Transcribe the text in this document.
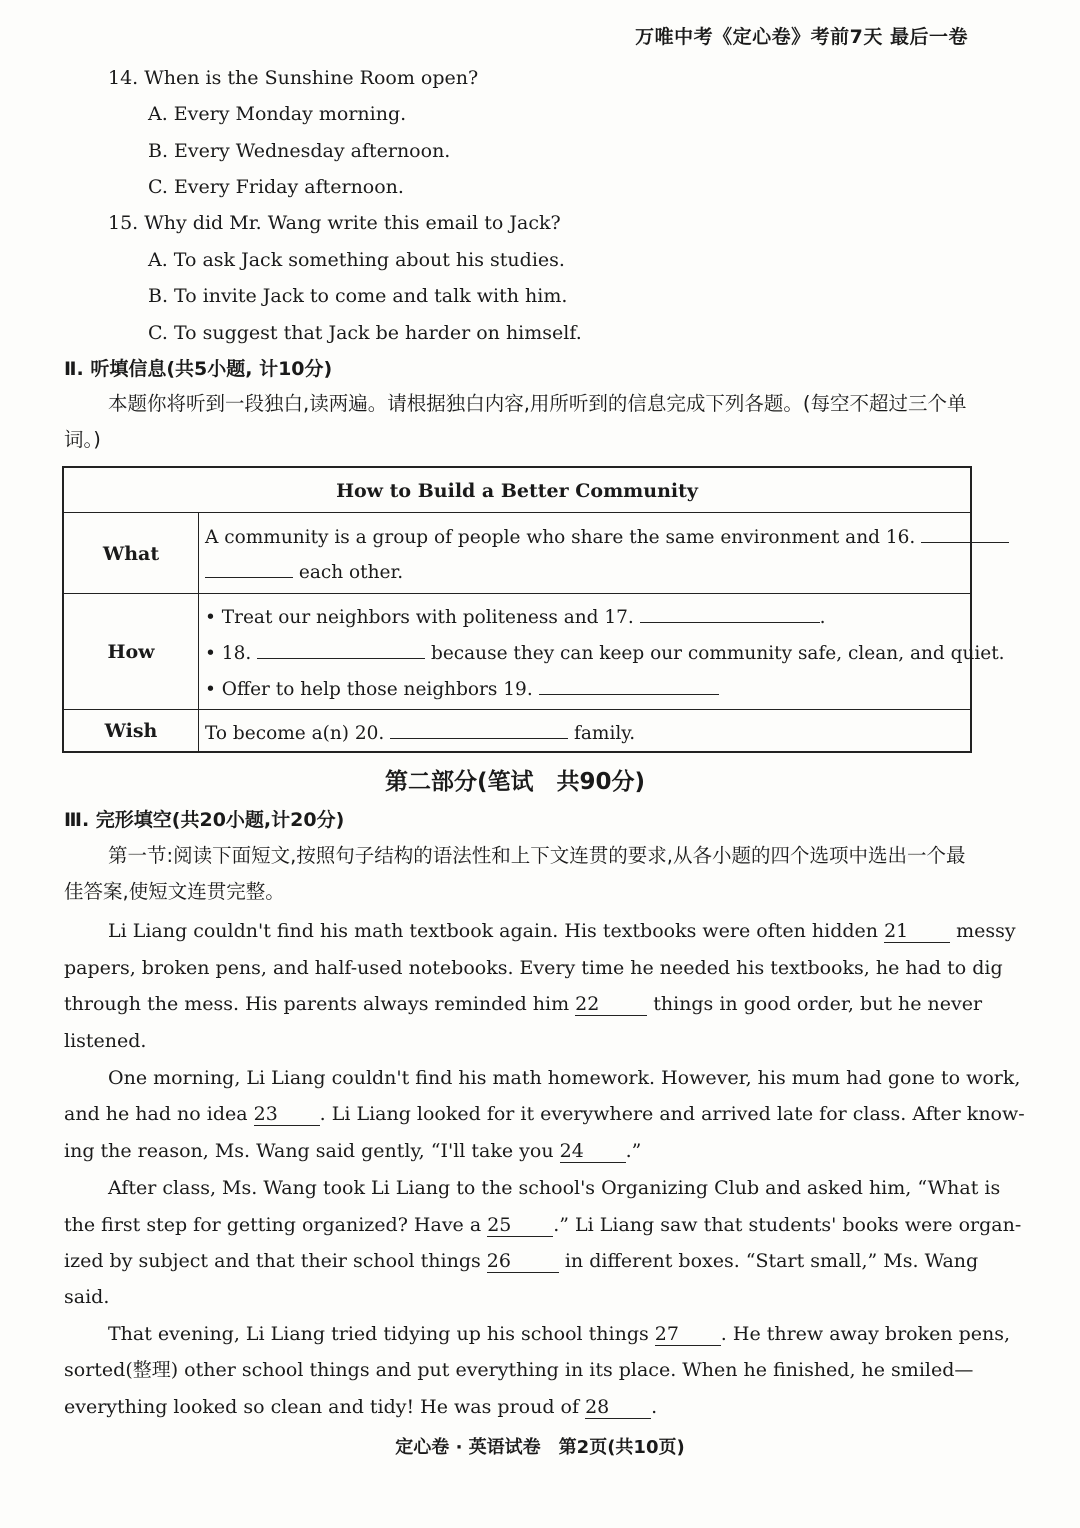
万唯中考《定心卷》考前7天 最后一卷
14. When is the Sunshine Room open?
A. Every Monday morning.
B. Every Wednesday afternoon.
C. Every Friday afternoon.
15. Why did Mr. Wang write this email to Jack?
A. To ask Jack something about his studies.
B. To invite Jack to come and talk with him.
C. To suggest that Jack be harder on himself.
Ⅱ. 听填信息(共5小题, 计10分)
本题你将听到一段独白,读两遍。请根据独白内容,用所听到的信息完成下列各题。(每空不超过三个单词。)
How to Build a Better Community
What
A community is a group of people who share the same environment and 16.
each other.
How
• Treat our neighbors with politeness and 17.	.
• 18.	because they can keep our community safe, clean, and quiet.
• Offer to help those neighbors 19.
Wish	To become a(n) 20.	family.
第二部分(笔试　共90分)
Ⅲ. 完形填空(共20小题,计20分)
第一节:阅读下面短文,按照句子结构的语法性和上下文连贯的要求,从各小题的四个选项中选出一个最佳答案,使短文连贯完整。
Li Liang couldn't find his math textbook again. His textbooks were often hidden 21	messy
papers, broken pens, and half-used notebooks. Every time he needed his textbooks, he had to dig
through the mess. His parents always reminded him 22	things in good order, but he never
listened.
One morning, Li Liang couldn't find his math homework. However, his mum had gone to work,
and he had no idea 23 . Li Liang looked for it everywhere and arrived late for class. After know-
ing the reason, Ms. Wang said gently, “I'll take you 24 .”
After class, Ms. Wang took Li Liang to the school's Organizing Club and asked him, “What is
the first step for getting organized? Have a 25 .” Li Liang saw that students' books were organ-
ized by subject and that their school things 26	in different boxes. “Start small,” Ms. Wang
said.
That evening, Li Liang tried tidying up his school things 27 . He threw away broken pens,
sorted(整理) other school things and put everything in its place. When he finished, he smiled—
everything looked so clean and tidy! He was proud of 28 .
定心卷 · 英语试卷　第2页(共10页)
